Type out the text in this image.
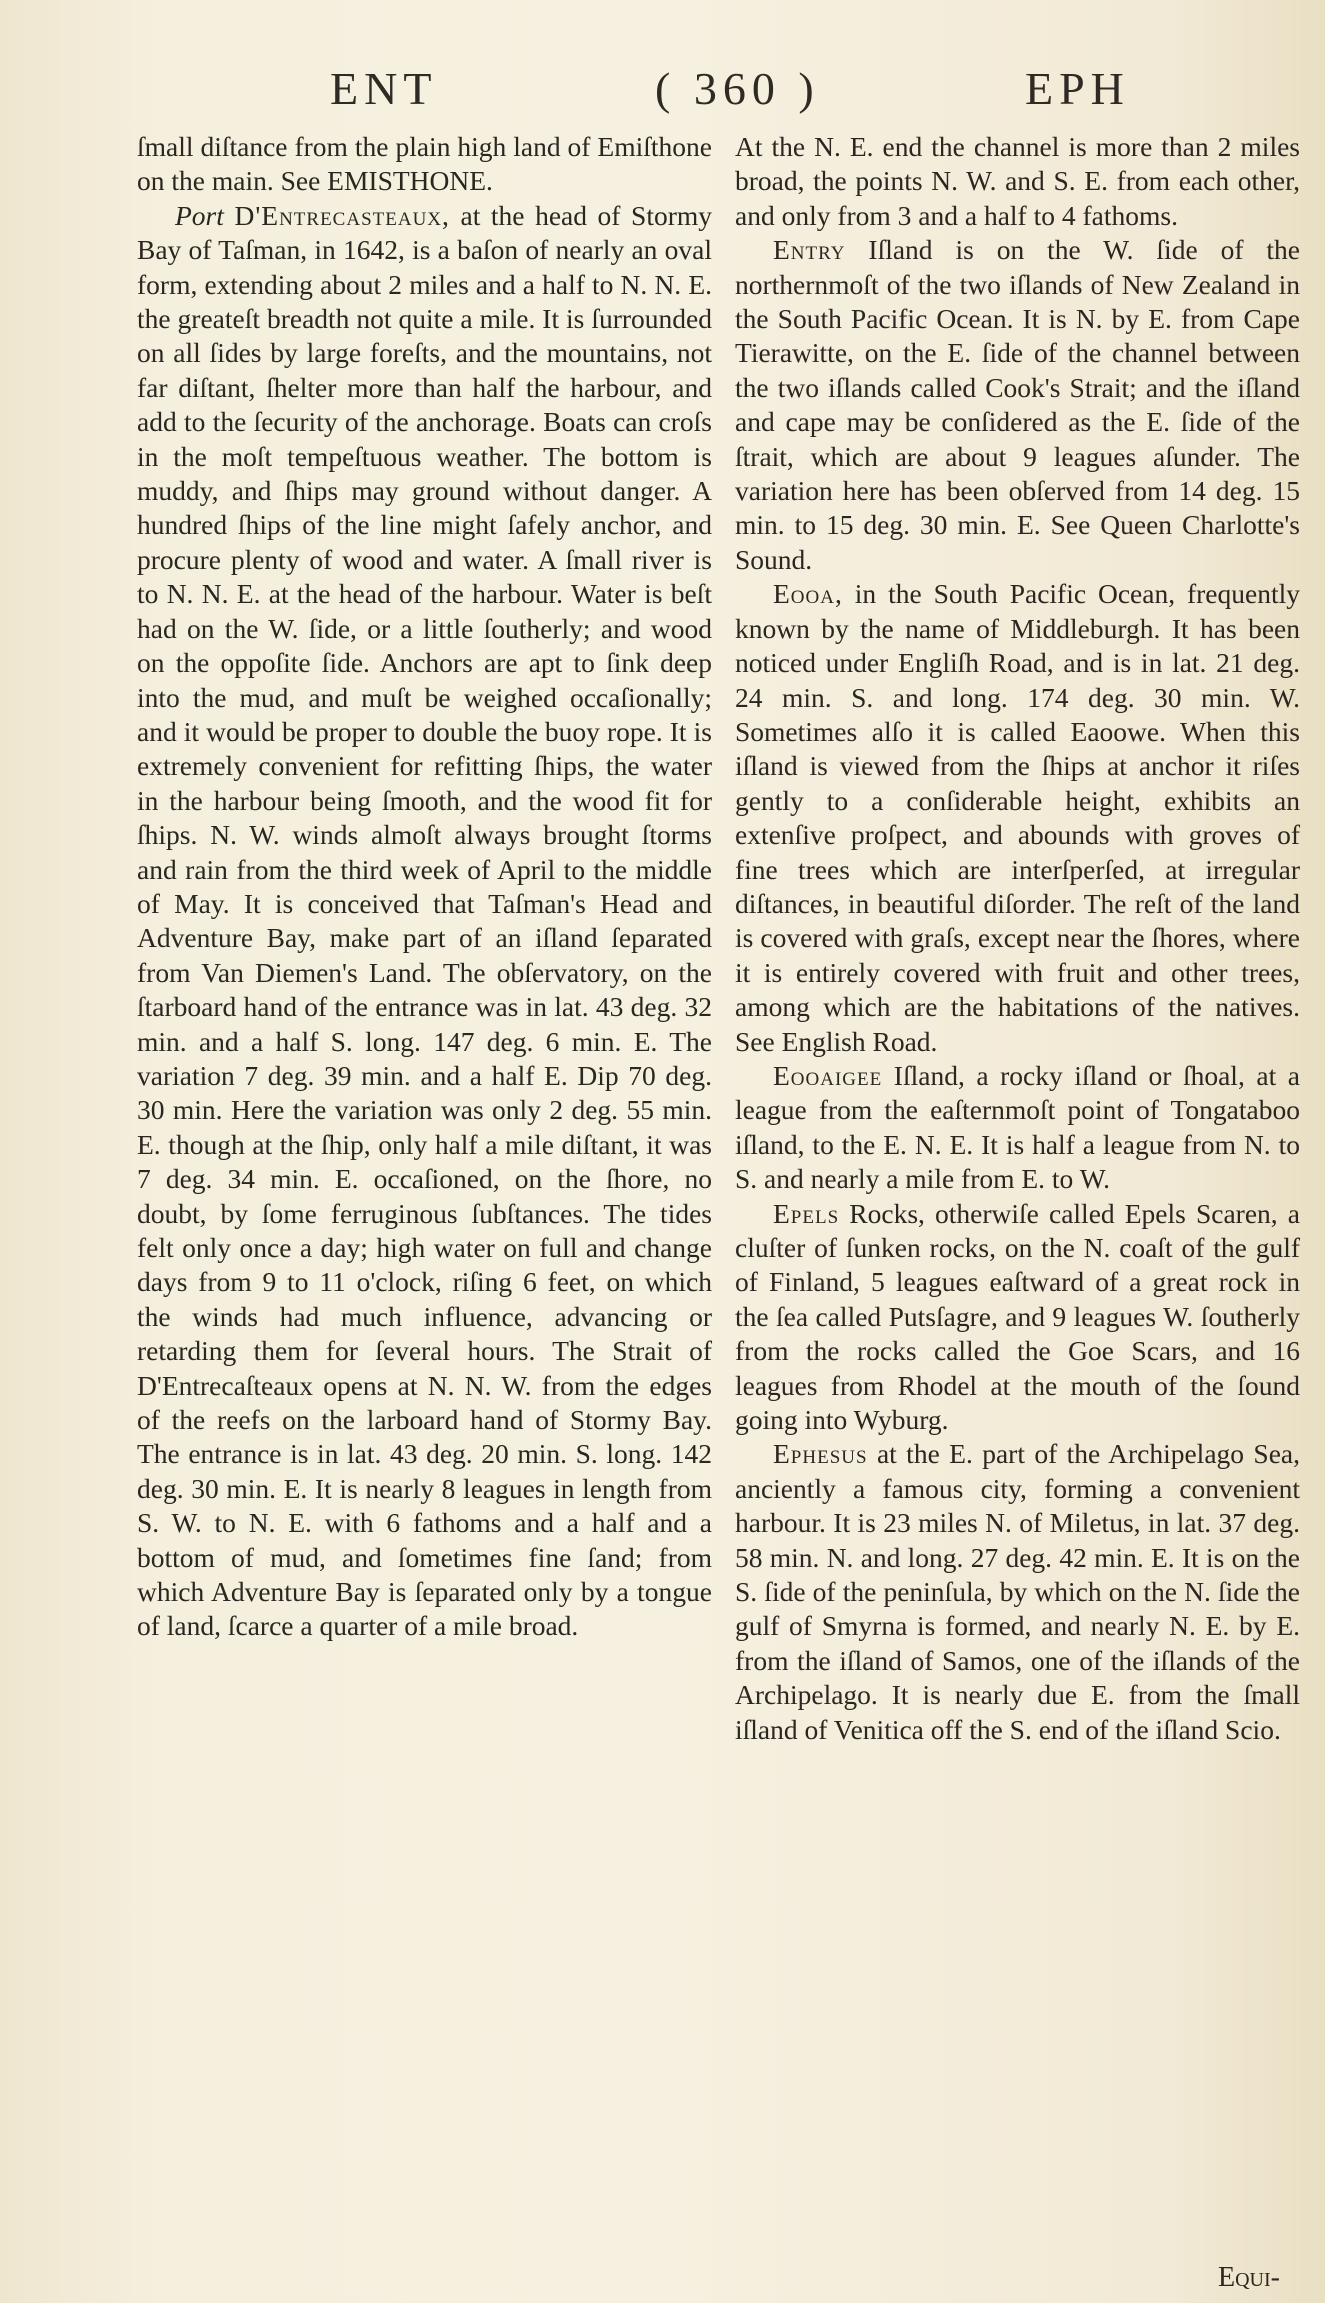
ENT	( 360 )	EPH

ſmall diſtance from the plain high land of Emiſthone on the main. See EMISTHONE.

Port D'Entrecasteaux, at the head of Stormy Bay of Taſman, in 1642, is a baſon of nearly an oval form, extending about 2 miles and a half to N. N. E. the greateſt breadth not quite a mile. It is ſurrounded on all ſides by large foreſts, and the mountains, not far diſtant, ſhelter more than half the harbour, and add to the ſecurity of the anchorage. Boats can croſs in the moſt tempeſtuous weather. The bottom is muddy, and ſhips may ground without danger. A hundred ſhips of the line might ſafely anchor, and procure plenty of wood and water. A ſmall river is to N. N. E. at the head of the harbour. Water is beſt had on the W. ſide, or a little ſoutherly; and wood on the oppoſite ſide. Anchors are apt to ſink deep into the mud, and muſt be weighed occaſionally; and it would be proper to double the buoy rope. It is extremely convenient for refitting ſhips, the water in the harbour being ſmooth, and the wood fit for ſhips. N. W. winds almoſt always brought ſtorms and rain from the third week of April to the middle of May. It is conceived that Taſman's Head and Adventure Bay, make part of an iſland ſeparated from Van Diemen's Land. The obſervatory, on the ſtarboard hand of the entrance was in lat. 43 deg. 32 min. and a half S. long. 147 deg. 6 min. E. The variation 7 deg. 39 min. and a half E. Dip 70 deg. 30 min. Here the variation was only 2 deg. 55 min. E. though at the ſhip, only half a mile diſtant, it was 7 deg. 34 min. E. occaſioned, on the ſhore, no doubt, by ſome ferruginous ſubſtances. The tides felt only once a day; high water on full and change days from 9 to 11 o'clock, riſing 6 feet, on which the winds had much influence, advancing or retarding them for ſeveral hours. The Strait of D'Entrecaſteaux opens at N. N. W. from the edges of the reefs on the larboard hand of Stormy Bay. The entrance is in lat. 43 deg. 20 min. S. long. 142 deg. 30 min. E. It is nearly 8 leagues in length from S. W. to N. E. with 6 fathoms and a half and a bottom of mud, and ſometimes fine ſand; from which Adventure Bay is ſeparated only by a tongue of land, ſcarce a quarter of a mile broad.

At the N. E. end the channel is more than 2 miles broad, the points N. W. and S. E. from each other, and only from 3 and a half to 4 fathoms.

Entry Iſland is on the W. ſide of the northernmoſt of the two iſlands of New Zealand in the South Pacific Ocean. It is N. by E. from Cape Tierawitte, on the E. ſide of the channel between the two iſlands called Cook's Strait; and the iſland and cape may be conſidered as the E. ſide of the ſtrait, which are about 9 leagues aſunder. The variation here has been obſerved from 14 deg. 15 min. to 15 deg. 30 min. E. See Queen Charlotte's Sound.

Eooa, in the South Pacific Ocean, frequently known by the name of Middleburgh. It has been noticed under Engliſh Road, and is in lat. 21 deg. 24 min. S. and long. 174 deg. 30 min. W. Sometimes alſo it is called Eaoowe. When this iſland is viewed from the ſhips at anchor it riſes gently to a conſiderable height, exhibits an extenſive proſpect, and abounds with groves of fine trees which are interſperſed, at irregular diſtances, in beautiful diſorder. The reſt of the land is covered with graſs, except near the ſhores, where it is entirely covered with fruit and other trees, among which are the habitations of the natives. See English Road.

Eooaigee Iſland, a rocky iſland or ſhoal, at a league from the eaſternmoſt point of Tongataboo iſland, to the E. N. E. It is half a league from N. to S. and nearly a mile from E. to W.

Epels Rocks, otherwiſe called Epels Scaren, a cluſter of ſunken rocks, on the N. coaſt of the gulf of Finland, 5 leagues eaſtward of a great rock in the ſea called Putsſagre, and 9 leagues W. ſoutherly from the rocks called the Goe Scars, and 16 leagues from Rhodel at the mouth of the ſound going into Wyburg.

Ephesus at the E. part of the Archipelago Sea, anciently a famous city, forming a convenient harbour. It is 23 miles N. of Miletus, in lat. 37 deg. 58 min. N. and long. 27 deg. 42 min. E. It is on the S. ſide of the peninſula, by which on the N. ſide the gulf of Smyrna is formed, and nearly N. E. by E. from the iſland of Samos, one of the iſlands of the Archipelago. It is nearly due E. from the ſmall iſland of Venitica off the S. end of the iſland Scio.

Equi-
